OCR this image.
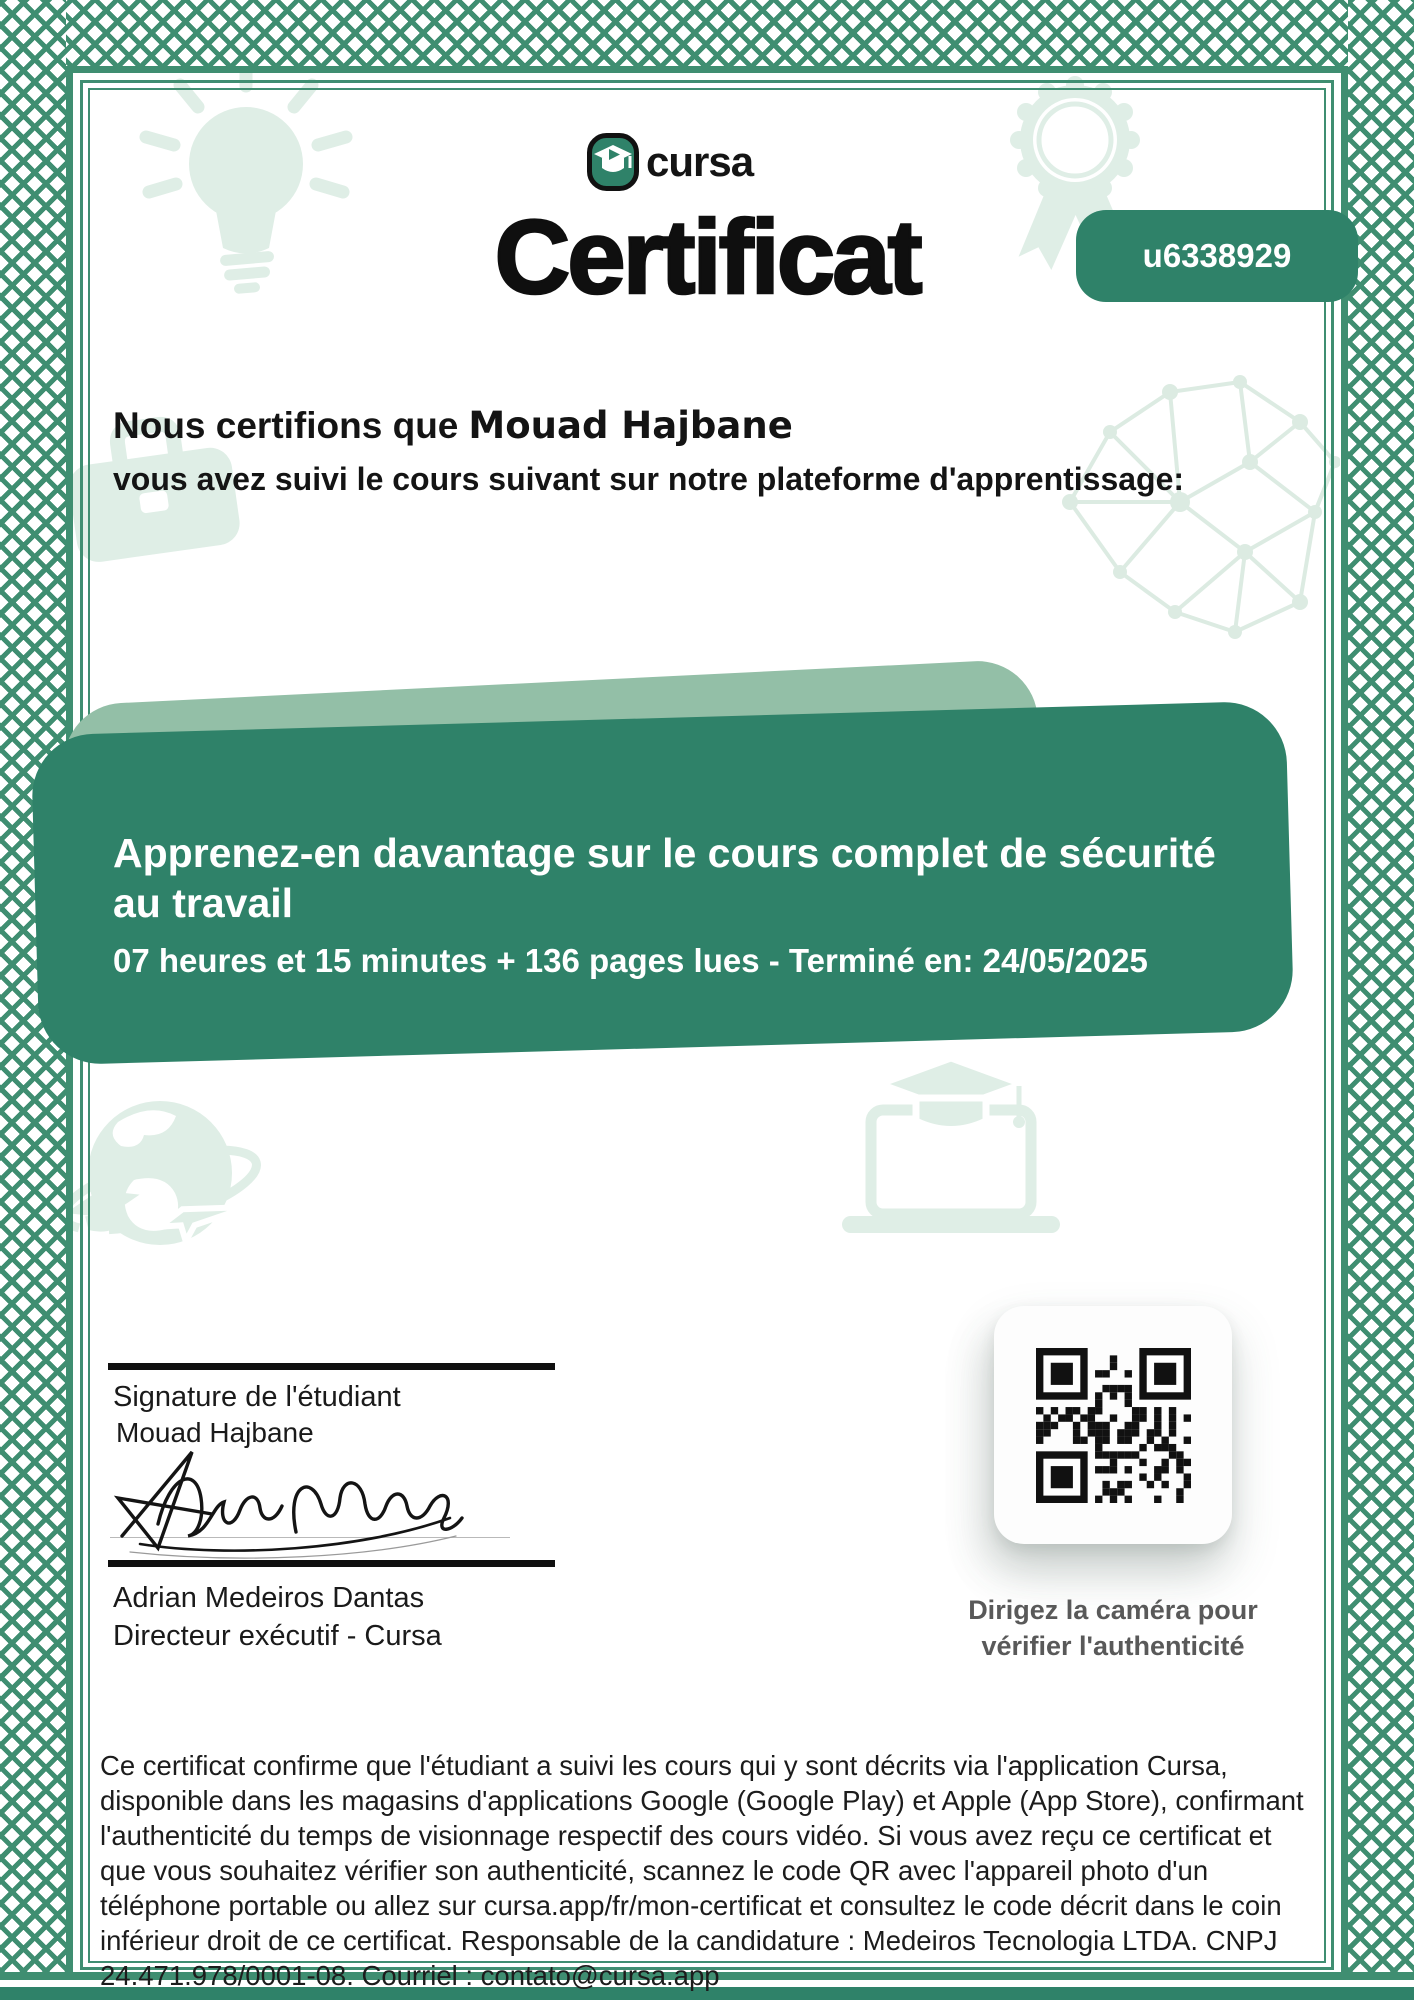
cursa
Certificat	u6338929
Nous certifions que Mouad Hajbane
vous avez suivi le cours suivant sur notre plateforme d'apprentissage:
Apprenez-en davantage sur le cours complet de sécurité au travail
07 heures et 15 minutes + 136 pages lues - Terminé en: 24/05/2025
Signature de l'étudiant
Mouad Hajbane
Adrian Medeiros Dantas
Directeur exécutif - Cursa
Dirigez la caméra pour
vérifier l'authenticité

Ce certificat confirme que l'étudiant a suivi les cours qui y sont décrits via l'application Cursa, disponible dans les magasins d'applications Google (Google Play) et Apple (App Store), confirmant l'authenticité du temps de visionnage respectif des cours vidéo. Si vous avez reçu ce certificat et que vous souhaitez vérifier son authenticité, scannez le code QR avec l'appareil photo d'un téléphone portable ou allez sur cursa.app/fr/mon-certificat et consultez le code décrit dans le coin inférieur droit de ce certificat. Responsable de la candidature : Medeiros Tecnologia LTDA. CNPJ 24.471.978/0001-08. Courriel : contato@cursa.app
